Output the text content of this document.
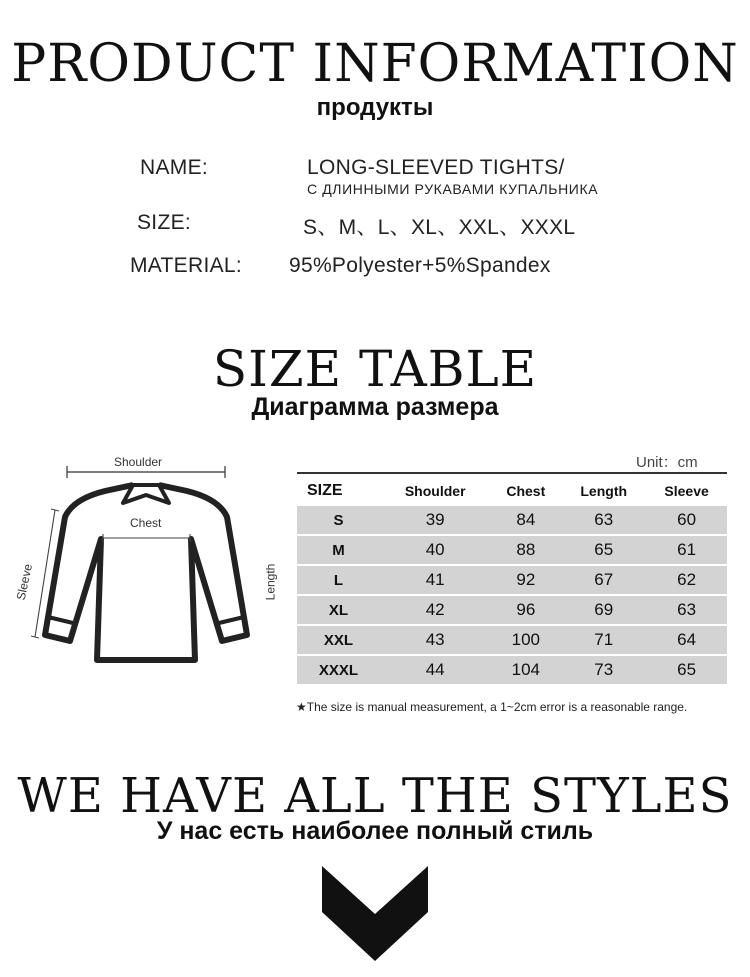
PRODUCT INFORMATION
продукты
NAME:	LONG-SLEEVED TIGHTS/
С ДЛИННЫМИ РУКАВАМИ КУПАЛЬНИКА
SIZE:	S、M、L、XL、XXL、XXXL
MATERIAL: 95%Polyester+5%Spandex
SIZE TABLE
Диаграмма размера
Shoulder
Chest
Sleeve	Length
Unit：cm
SIZE	Shoulder	Chest	Length	Sleeve
S	39	84	63	60
M	40	88	65	61
L	41	92	67	62
XL	42	96	69	63
XXL	43	100	71	64
XXXL	44	104	73	65
★The size is manual measurement, a 1~2cm error is a reasonable range.
WE HAVE ALL THE STYLES
У нас есть наиболее полный стиль
